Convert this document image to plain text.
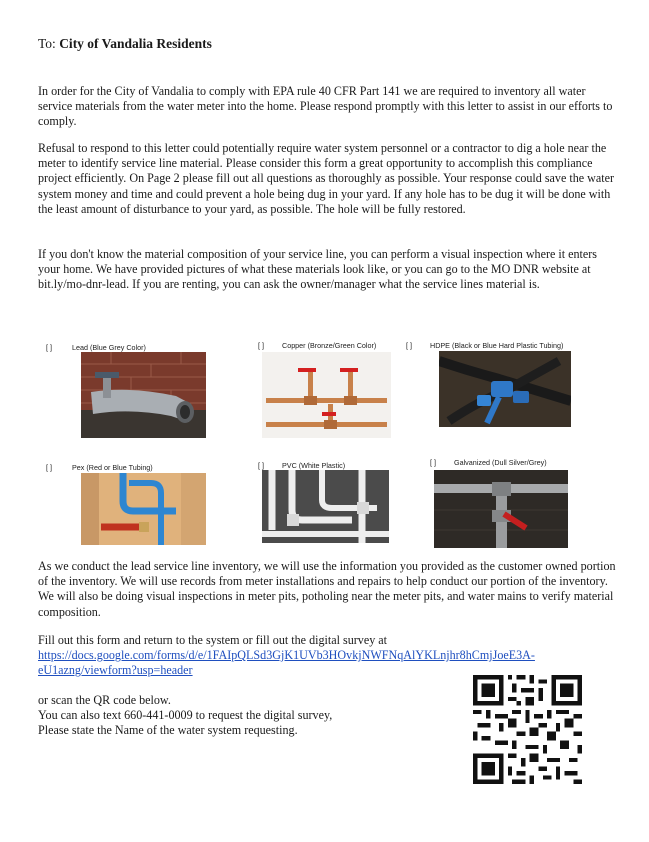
To: City of Vandalia Residents

In order for the City of Vandalia to comply with EPA rule 40 CFR Part 141 we are required to inventory all water service materials from the water meter into the home. Please respond promptly with this letter to assist in our efforts to comply.

Refusal to respond to this letter could potentially require water system personnel or a contractor to dig a hole near the meter to identify service line material. Please consider this form a great opportunity to accomplish this compliance project efficiently. On Page 2 please fill out all questions as thoroughly as possible. Your response could save the water system money and time and could prevent a hole being dug in your yard. If any hole has to be dug it will be done with the least amount of disturbance to your yard, as possible. The hole will be fully restored.

If you don't know the material composition of your service line, you can perform a visual inspection where it enters your home. We have provided pictures of what these materials look like, or you can go to the MO DNR website at bit.ly/mo-dnr-lead. If you are renting, you can ask the owner/manager what the service lines material is.

[ ]	Lead (Blue Grey Color)	[ ]	Copper (Bronze/Green Color)	[ ]	HDPE (Black or Blue Hard Plastic Tubing)
[ ]	Pex (Red or Blue Tubing)	[ ]	PVC (White Plastic)	[ ]	Galvanized (Dull Silver/Grey)

As we conduct the lead service line inventory, we will use the information you provided as the customer owned portion of the inventory. We will use records from meter installations and repairs to help conduct our portion of the inventory. We will also be doing visual inspections in meter pits, potholing near the meter pits, and water mains to verify material composition.

Fill out this form and return to the system or fill out the digital survey at

https://docs.google.com/forms/d/e/1FAIpQLSd3GjK1UVb3HOvkjNWFNqAlYKLnjhr8hCmjJoeE3A-
eU1azng/viewform?usp=header
or scan the QR code below.
You can also text 660-441-0009 to request the digital survey,
Please state the Name of the water system requesting.
